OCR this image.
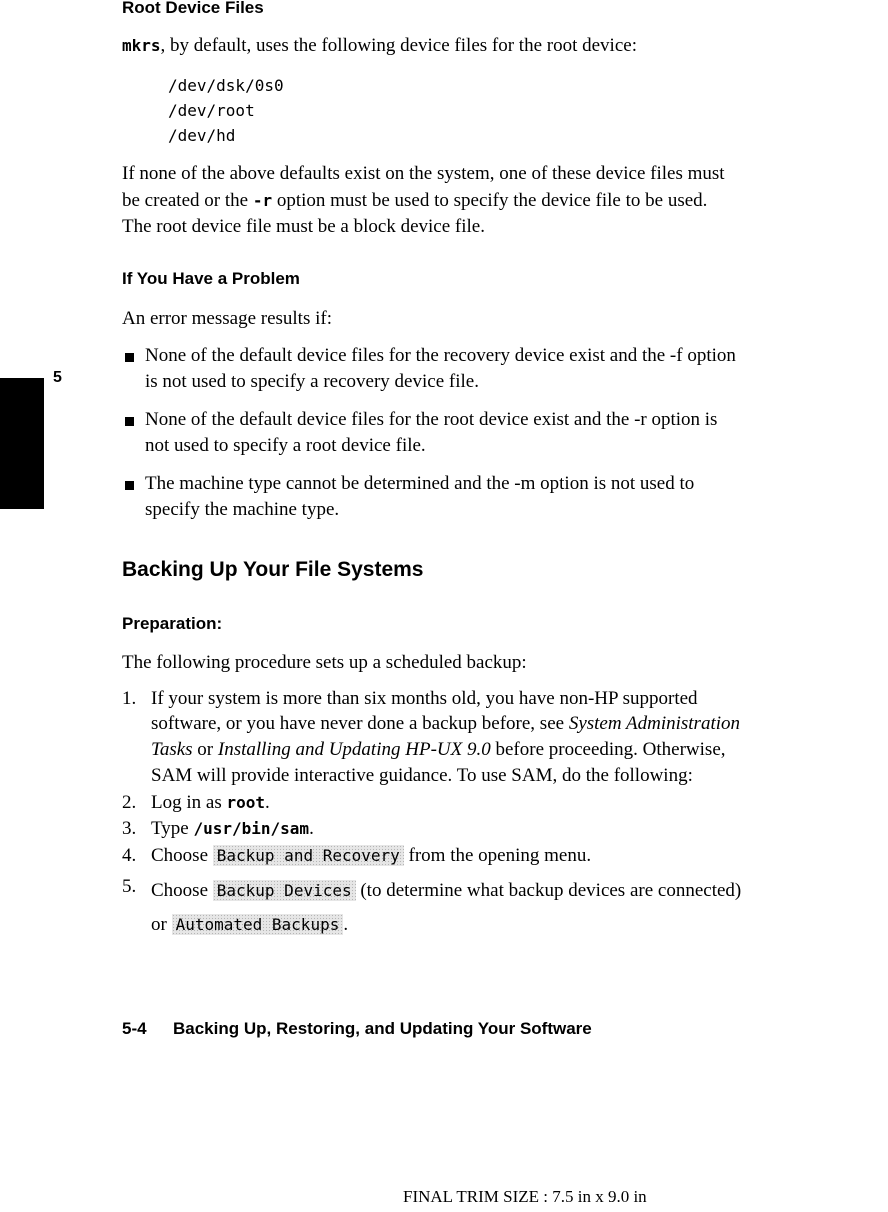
5
Root Device Files
mkrs, by default, uses the following device files for the root device:
/dev/dsk/0s0
/dev/root
/dev/hd
If none of the above defaults exist on the system, one of these device files must
be created or the -r option must be used to specify the device file to be used.
The root device file must be a block device file.
If You Have a Problem
An error message results if:
None of the default device files for the recovery device exist and the -f option
is not used to specify a recovery device file.
None of the default device files for the root device exist and the -r option is
not used to specify a root device file.
The machine type cannot be determined and the -m option is not used to
specify the machine type.
Backing Up Your File Systems
Preparation:
The following procedure sets up a scheduled backup:
1. If your system is more than six months old, you have non-HP supported
software, or you have never done a backup before, see System Administration
Tasks or Installing and Updating HP-UX 9.0 before proceeding. Otherwise,
SAM will provide interactive guidance. To use SAM, do the following:
2. Log in as root.
3. Type /usr/bin/sam.
4. Choose Backup and Recovery from the opening menu.
5. Choose Backup Devices (to determine what backup devices are connected)
or Automated Backups .
5-4 Backing Up, Restoring, and Updating Your Software
FINAL TRIM SIZE : 7.5 in x 9.0 in
